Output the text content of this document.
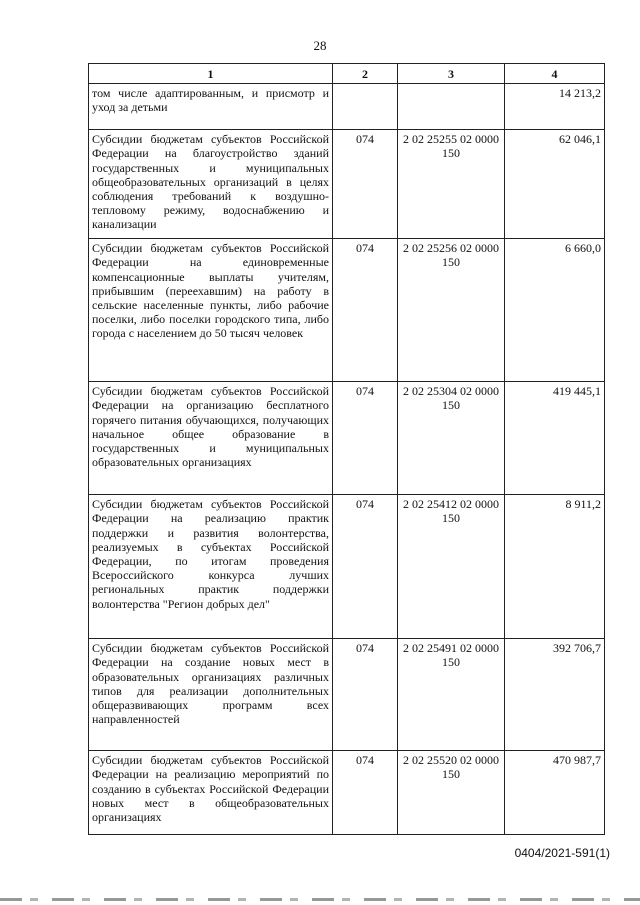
28
1	2	3	4
том числе адаптированным, и присмотр и уход за детьми			14 213,2
Субсидии бюджетам субъектов Российской Федерации на благоустройство зданий государственных и муниципальных общеобразовательных организаций в целях соблюдения требований к воздушно-тепловому режиму, водоснабжению и канализации	074	2 02 25255 02 0000 150	62 046,1
Субсидии бюджетам субъектов Российской Федерации на единовременные компенсационные выплаты учителям, прибывшим (переехавшим) на работу в сельские населенные пункты, либо рабочие поселки, либо поселки городского типа, либо города с населением до 50 тысяч человек	074	2 02 25256 02 0000 150	6 660,0
Субсидии бюджетам субъектов Российской Федерации на организацию бесплатного горячего питания обучающихся, получающих начальное общее образование в государственных и муниципальных образовательных организациях	074	2 02 25304 02 0000 150	419 445,1
Субсидии бюджетам субъектов Российской Федерации на реализацию практик поддержки и развития волонтерства, реализуемых в субъектах Российской Федерации, по итогам проведения Всероссийского конкурса лучших региональных практик поддержки волонтерства "Регион добрых дел"	074	2 02 25412 02 0000 150	8 911,2
Субсидии бюджетам субъектов Российской Федерации на создание новых мест в образовательных организациях различных типов для реализации дополнительных общеразвивающих программ всех направленностей	074	2 02 25491 02 0000 150	392 706,7
Субсидии бюджетам субъектов Российской Федерации на реализацию мероприятий по созданию в субъектах Российской Федерации новых мест в общеобразовательных организациях	074	2 02 25520 02 0000 150	470 987,7
0404/2021-591(1)
